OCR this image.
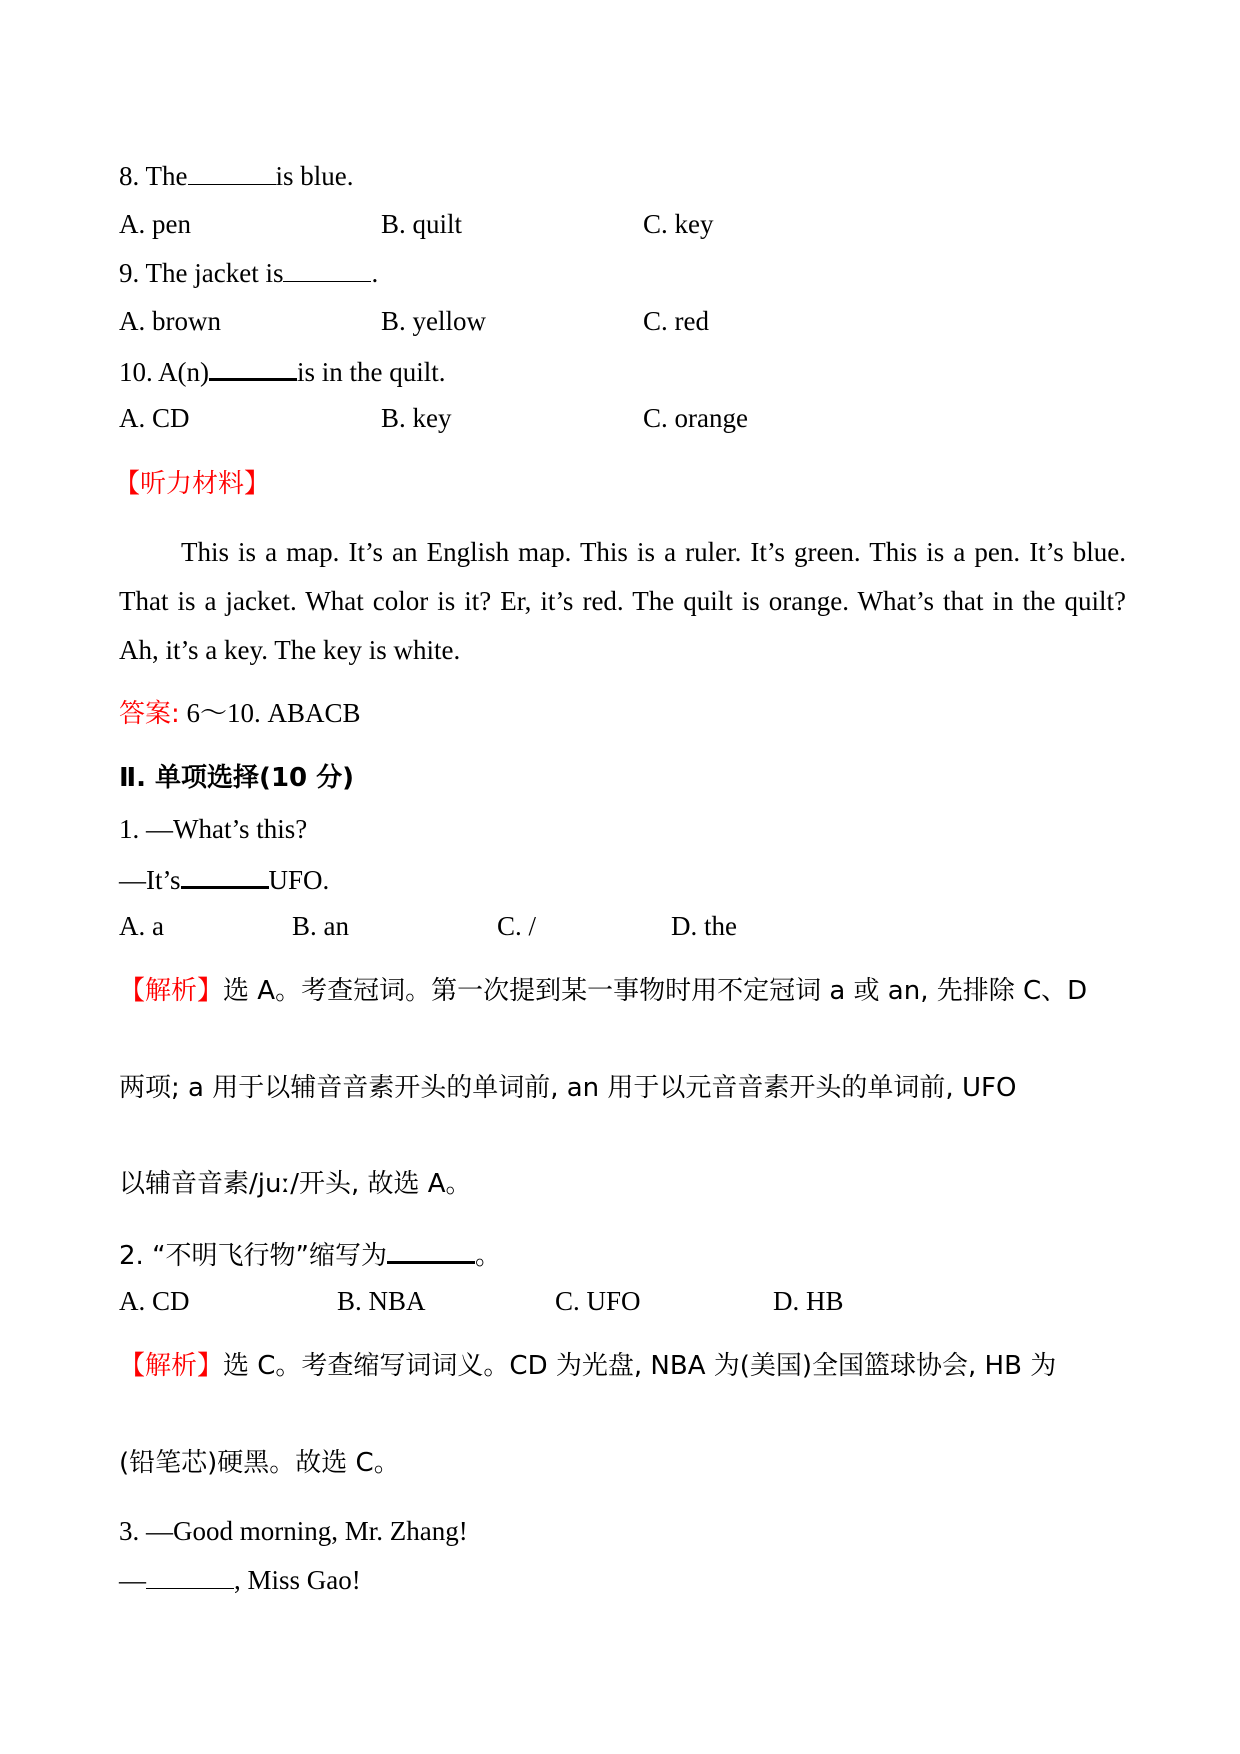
8. The	is blue.
A. pen	B. quilt	C. key
9. The jacket is	.
A. brown	B. yellow	C. red
10. A(n)	is in the quilt.
A. CD	B. key	C. orange
【听力材料】
This is a map. It’s an English map. This is a ruler. It’s green. This is a pen. It’s blue. That is a jacket. What color is it? Er, it’s red. The quilt is orange. What’s that in the quilt? Ah, it’s a key. The key is white.
答案: 6～10. ABACB
Ⅱ. 单项选择(10 分)
1. —What’s this?
—It’s	UFO.
A. a	B. an	C. /	D. the
【解析】选 A。考查冠词。第一次提到某一事物时用不定冠词 a 或 an, 先排除 C、D
两项; a 用于以辅音音素开头的单词前, an 用于以元音音素开头的单词前, UFO
以辅音音素/juː/开头, 故选 A。
2. “不明飞行物”缩写为	。
A. CD	B. NBA	C. UFO	D. HB
【解析】选 C。考查缩写词词义。CD 为光盘, NBA 为(美国)全国篮球协会, HB 为
(铅笔芯)硬黑。故选 C。
3. —Good morning, Mr. Zhang!
—	, Miss Gao!
